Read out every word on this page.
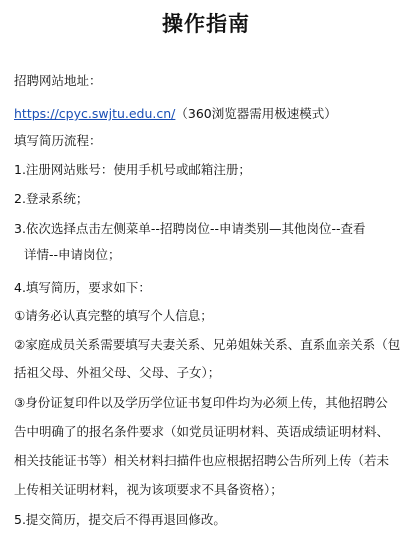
操作指南
招聘网站地址：
https://cpyc.swjtu.edu.cn/（360浏览器需用极速模式）
填写简历流程：
1.注册网站账号：使用手机号或邮箱注册；
2.登录系统；
3.依次选择点击左侧菜单--招聘岗位--申请类别—其他岗位--查看
详情--申请岗位；
4.填写简历，要求如下：
①请务必认真完整的填写个人信息；
②家庭成员关系需要填写夫妻关系、兄弟姐妹关系、直系血亲关系（包
括祖父母、外祖父母、父母、子女）；
③身份证复印件以及学历学位证书复印件均为必须上传，其他招聘公
告中明确了的报名条件要求（如党员证明材料、英语成绩证明材料、
相关技能证书等）相关材料扫描件也应根据招聘公告所列上传（若未
上传相关证明材料，视为该项要求不具备资格）；
5.提交简历，提交后不得再退回修改。
